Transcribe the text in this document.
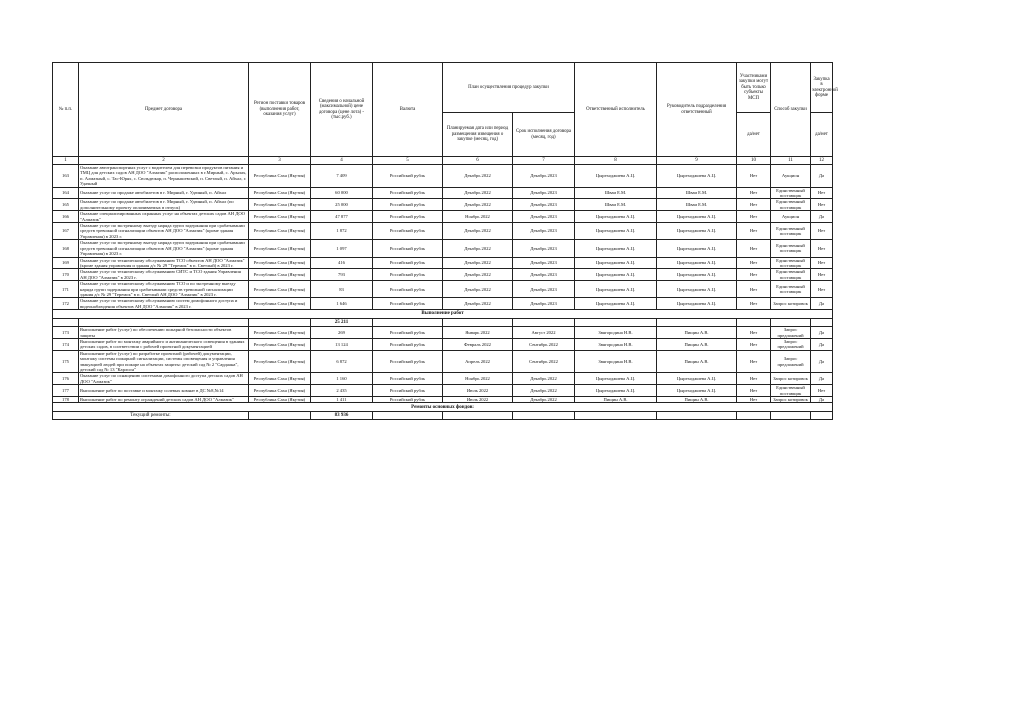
№ п.п.	Предмет договора	Регион поставки товаров (выполнения работ, оказания услуг)	Сведения о начальной (максимальной) цене договора (цене лота) - (тыс.руб.)	Валюта	План осуществления процедур закупки		Ответственный исполнитель	Руководитель подразделения ответственный	Участниками закупки могут быть только субъекты МСП	Способ закупки	Закупка в электронной форме
					Планируемая дата или период размещения извещения о закупке (месяц, год)	Срок исполнения договора (месяц, год)			да/нет		да/нет
1	2	3	4	5	6	7	8	9	10	11	12
163	Оказание автотранспортных услуг с водителем для перевозки продуктов питания и ТМЦ для детских садов АН ДОО "Алмазик" расположенных в г.Мирный, с. Арылах, п. Алмазный, с. Тас-Юрях, с. Сюльдюкар, п. Чернышевский, п. Светлый, п. Айхал, г. Удачный	Республика Саха (Якутия)	7 409	Российский рубль	Декабрь 2022	Декабрь 2023	Цыреходжиева А.Ц.	Цыреходжиева А.Ц.	Нет	Аукцион	Да
164	Оказание услуг по продаже автобилетов в г. Мирный, г. Удачный, п. Айхал	Республика Саха (Якутия)	60 000	Российский рубль	Декабрь 2022	Декабрь 2023	Шваи Е.М.	Шваи Е.М.	Нет	Единственный поставщик	Нет
165	Оказание услуг по продаже автобилетов в г. Мирный, г. Удачный, п. Айхал (по дополнительному проекту оплачиваемых в отпуск)	Республика Саха (Якутия)	25 000	Российский рубль	Декабрь 2022	Декабрь 2023	Шваи Е.М.	Шваи Е.М.	Нет	Единственный поставщик	Нет
166	Оказание специализированных охранных услуг на объектах детских садов АН ДОО "Алмазик"	Республика Саха (Якутия)	47 877	Российский рубль	Ноябрь 2022	Декабрь 2023	Цыреходжиева А.Ц.	Цыреходжиева А.Ц.	Нет	Аукцион	Да
167	Оказание услуг по экстренному выезду наряда групп задержания при срабатывании средств тревожной сигнализации объектов АН ДОО "Алмазик" (кроме здания Управления) в 2023 г.	Республика Саха (Якутия)	1 872	Российский рубль	Декабрь 2022	Декабрь 2023	Цыреходжиева А.Ц.	Цыреходжиева А.Ц.	Нет	Единственный поставщик	Нет
168	Оказание услуг по экстренному выезду наряда групп задержания при срабатывании средств тревожной сигнализации объектов АН ДОО "Алмазик" (кроме здания Управления) в 2023 г.	Республика Саха (Якутия)	1 097	Российский рубль	Декабрь 2022	Декабрь 2023	Цыреходжиева А.Ц.	Цыреходжиева А.Ц.	Нет	Единственный поставщик	Нет
169	Оказание услуг по техническому обслуживанию ТСО объектов АН ДОО "Алмазик" (кроме здания управления и здания д/с № 29 "Теремок" в п. Светлый) в 2023 г.	Республика Саха (Якутия)	416	Российский рубль	Декабрь 2022	Декабрь 2023	Цыреходжиева А.Ц.	Цыреходжиева А.Ц.	Нет	Единственный поставщик	Нет
170	Оказание услуг по техническому обслуживанию СИТС и ТСО здания Управления АН ДОО "Алмазик" в 2023 г.	Республика Саха (Якутия)	793	Российский рубль	Декабрь 2022	Декабрь 2023	Цыреходжиева А.Ц.	Цыреходжиева А.Ц.	Нет	Единственный поставщик	Нет
171	Оказание услуг по техническому обслуживанию ТСО и по экстренному выезду наряда групп задержания при срабатывании средств тревожной сигнализации здания д/с № 29 "Теремок" в п. Светлый АН ДОО "Алмазик" в 2023 г.	Республика Саха (Якутия)	83	Российский рубль	Декабрь 2022	Декабрь 2023	Цыреходжиева А.Ц.	Цыреходжиева А.Ц.	Нет	Единственный поставщик	Нет
172	Оказание услуг по техническому обслуживанию систем домофонного доступа и видеонаблюдения объектов АН ДОО "Алмазик" в 2023 г.	Республика Саха (Якутия)	1 646	Российский рубль	Декабрь 2022	Декабрь 2023	Цыреходжиева А.Ц.	Цыреходжиева А.Ц.	Нет	Запрос котировок	Да
Выполнение работ											
			25 211								
173	Выполнение работ (услуг) по обеспечению пожарной безопасности объектов защиты	Республика Саха (Якутия)	269	Российский рубль	Январь 2022	Август 2022	Звягородина Н.В.	Пищин А.В.	Нет	Запрос предложений	Да
174	Выполнение работ по монтажу аварийного и антипанического освещения в зданиях детских садов, в соответствии с рабочей проектной документацией	Республика Саха (Якутия)	13 124	Российский рубль	Февраль 2022	Сентябрь 2022	Звягородина Н.В.	Пищин А.В.	Нет	Запрос предложений	Да
175	Выполнение работ (услуг) по разработке проектной (рабочей) документации, монтажу системы пожарной сигнализации, системы оповещения и управления эвакуацией людей при пожаре на объектах защиты: детский сад № 2 "Сардаана", детский сад № 13 "Карлсон"	Республика Саха (Якутия)	6 872	Российский рубль	Апрель 2022	Сентябрь 2022	Звягородина Н.В.	Пищин А.В.	Нет	Запрос предложений	Да
176	Оказание услуг по оснащению системами домофонного доступа детских садов АН ДОО "Алмазик"	Республика Саха (Якутия)	1 160	Российский рубль	Ноябрь 2022	Декабрь 2022	Цыреходжиева А.Ц.	Цыреходжиева А.Ц.	Нет	Запрос котировок	Да
177	Выполнение работ по поставке и монтажу солевых комнат в ДС №8,№14	Республика Саха (Якутия)	2 435	Российский рубль	Июль 2022	Декабрь 2022	Цыреходжиева А.Ц.	Цыреходжиева А.Ц.	Нет	Единственный поставщик	Нет
178	Выполнение работ по ремонту ограждений детских садов АН ДОО "Алмазик"	Республика Саха (Якутия)	1 411	Российский рубль	Июль 2022	Декабрь 2022	Пищин А.В.	Пищин А.В.	Нет	Запрос котировок	Да
Ремонты основных фондов:											
Текущий ремонты:			83 936								
